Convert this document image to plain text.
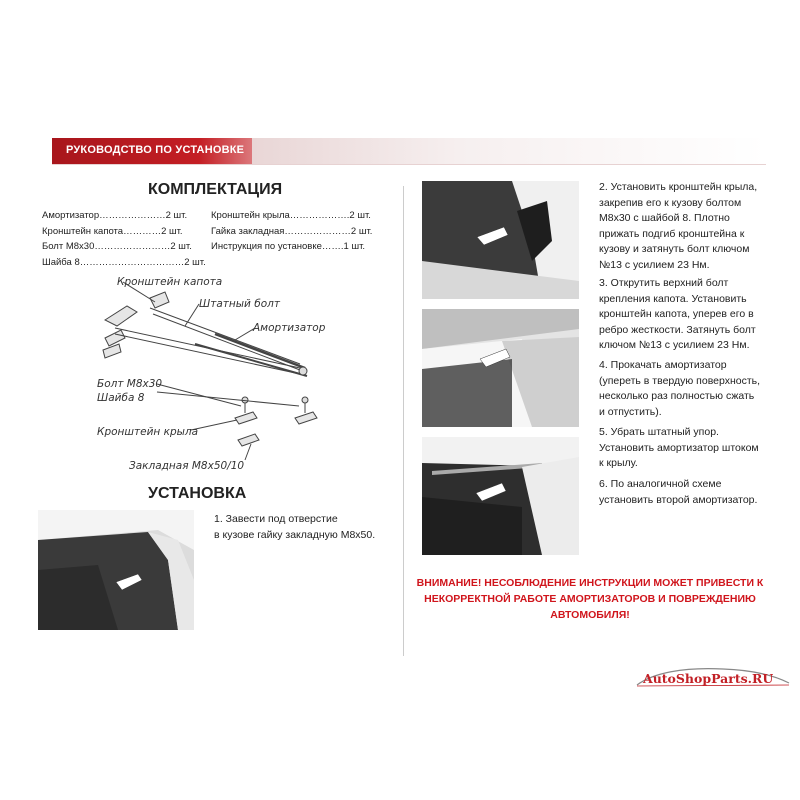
РУКОВОДСТВО ПО УСТАНОВКЕ
КОМПЛЕКТАЦИЯ
Амортизатор…………………2 шт.
Кронштейн капота…………2 шт.
Болт М8х30……………………2 шт.
Шайба 8……………………………2 шт.
Кронштейн крыла……………….2 шт.
Гайка закладная…………………2 шт.
Инструкция по установке…….1 шт.
Кронштейн капота
Штатный болт
Амортизатор
Болт М8х30
Шайба 8
Кронштейн крыла
Закладная М8х50/10
УСТАНОВКА
1. Завести под отверстие
в кузове гайку закладную М8х50.
2. Установить кронштейн крыла,
закрепив его к кузову болтом
М8х30 с шайбой 8. Плотно
прижать подгиб кронштейна к
кузову и затянуть болт ключом
№13 с усилием 23 Нм.
3. Открутить верхний болт
крепления капота. Установить
кронштейн капота, уперев его в
ребро жесткости. Затянуть болт
ключом №13 с усилием 23 Нм.
4. Прокачать амортизатор
(упереть в твердую поверхность,
несколько раз полностью сжать
и отпустить).
5. Убрать штатный упор.
Установить амортизатор штоком
к крылу.
6. По аналогичной схеме
установить второй амортизатор.
ВНИМАНИЕ! НЕСОБЛЮДЕНИЕ ИНСТРУКЦИИ МОЖЕТ ПРИВЕСТИ К
НЕКОРРЕКТНОЙ РАБОТЕ АМОРТИЗАТОРОВ И ПОВРЕЖДЕНИЮ
АВТОМОБИЛЯ!
AutoShopParts.RU
